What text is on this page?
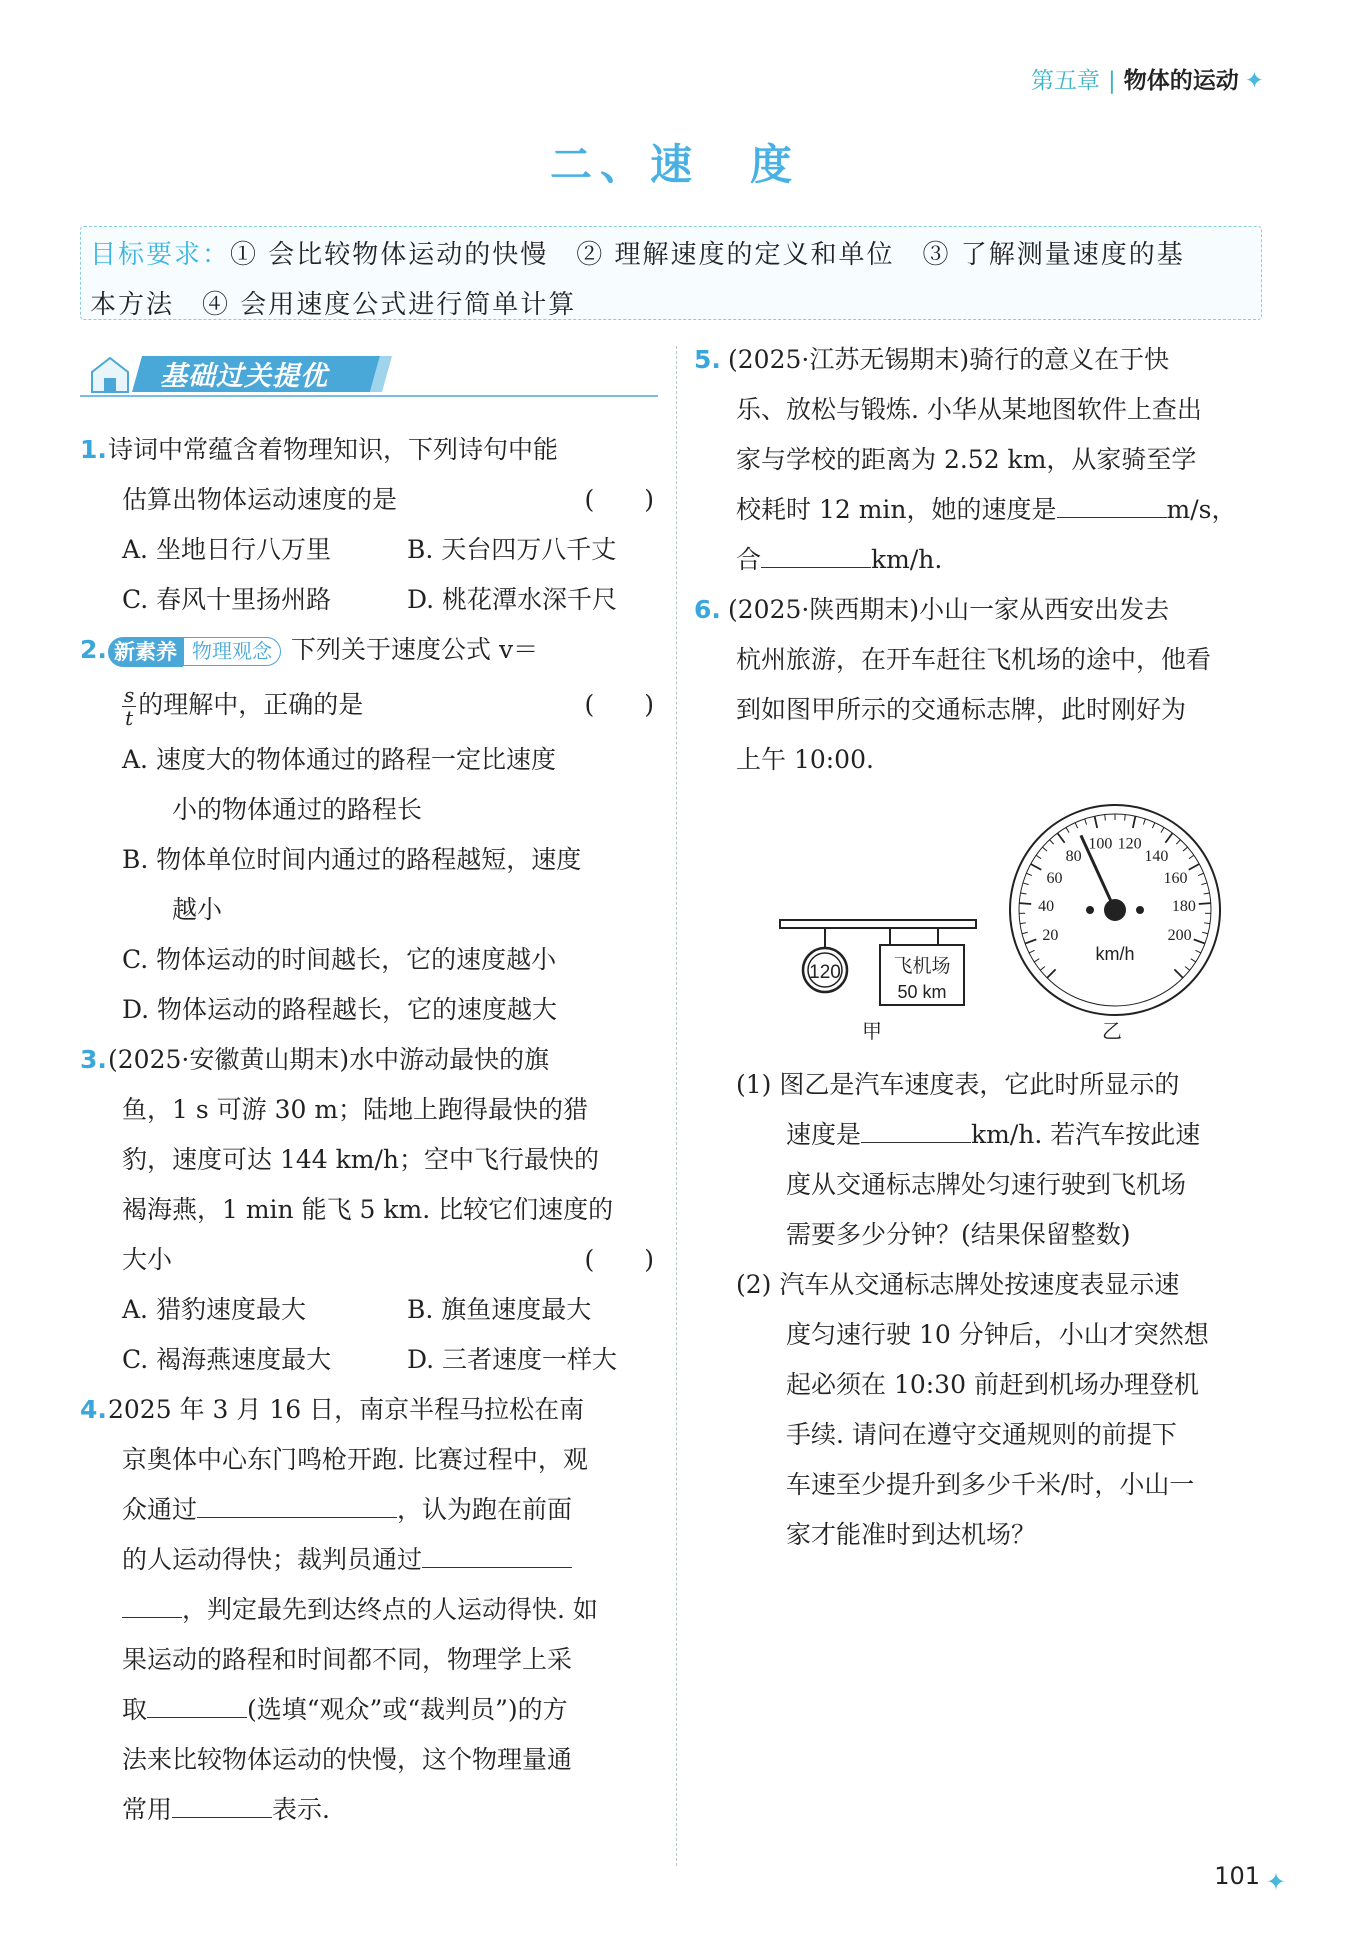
第五章 | 物体的运动 ✦
二、速　度
目标要求：① 会比较物体运动的快慢　② 理解速度的定义和单位　③ 了解测量速度的基
本方法　④ 会用速度公式进行简单计算
基础过关提优

1.诗词中常蕴含着物理知识，下列诗句中能

估算出物体运动速度的是	(　　)

A. 坐地日行八万里	B. 天台四万八千丈

C. 春风十里扬州路	D. 桃花潭水深千尺

2. 新素养 物理观念 下列关于速度公式 v＝

$\frac{s}{t}$ 的理解中，正确的是	(　　)

A. 速度大的物体通过的路程一定比速度

小的物体通过的路程长

B. 物体单位时间内通过的路程越短，速度

越小

C. 物体运动的时间越长，它的速度越小

D. 物体运动的路程越长，它的速度越大

3.(2025·安徽黄山期末)水中游动最快的旗

鱼，1 s 可游 30 m；陆地上跑得最快的猎

豹，速度可达 144 km/h；空中飞行最快的

褐海燕，1 min 能飞 5 km. 比较它们速度的

大小	(　　)

A. 猎豹速度最大	B. 旗鱼速度最大

C. 褐海燕速度最大	D. 三者速度一样大

4.2025 年 3 月 16 日，南京半程马拉松在南

京奥体中心东门鸣枪开跑. 比赛过程中，观

众通过	，认为跑在前面

的人运动得快；裁判员通过

，判定最先到达终点的人运动得快. 如

果运动的路程和时间都不同，物理学上采

取	(选填“观众”或“裁判员”)的方

法来比较物体运动的快慢，这个物理量通

常用	表示.

5. (2025·江苏无锡期末)骑行的意义在于快

乐、放松与锻炼. 小华从某地图软件上查出

家与学校的距离为 2.52 km，从家骑至学

校耗时 12 min，她的速度是	m/s，

合	km/h.

6. (2025·陕西期末)小山一家从西安出发去

杭州旅游，在开车赶往飞机场的途中，他看

到如图甲所示的交通标志牌，此时刚好为

上午 10:00.

(1) 图乙是汽车速度表，它此时所显示的

速度是	km/h. 若汽车按此速

度从交通标志牌处匀速行驶到飞机场

需要多少分钟？(结果保留整数)

(2) 汽车从交通标志牌处按速度表显示速

度匀速行驶 10 分钟后，小山才突然想

起必须在 10:30 前赶到机场办理登机

手续. 请问在遵守交通规则的前提下

车速至少提升到多少千米/时，小山一

家才能准时到达机场？

120	飞机场
50 km
甲
20
40
60
80
100 120
140
160
180
200
km/h
乙
101 ✦
